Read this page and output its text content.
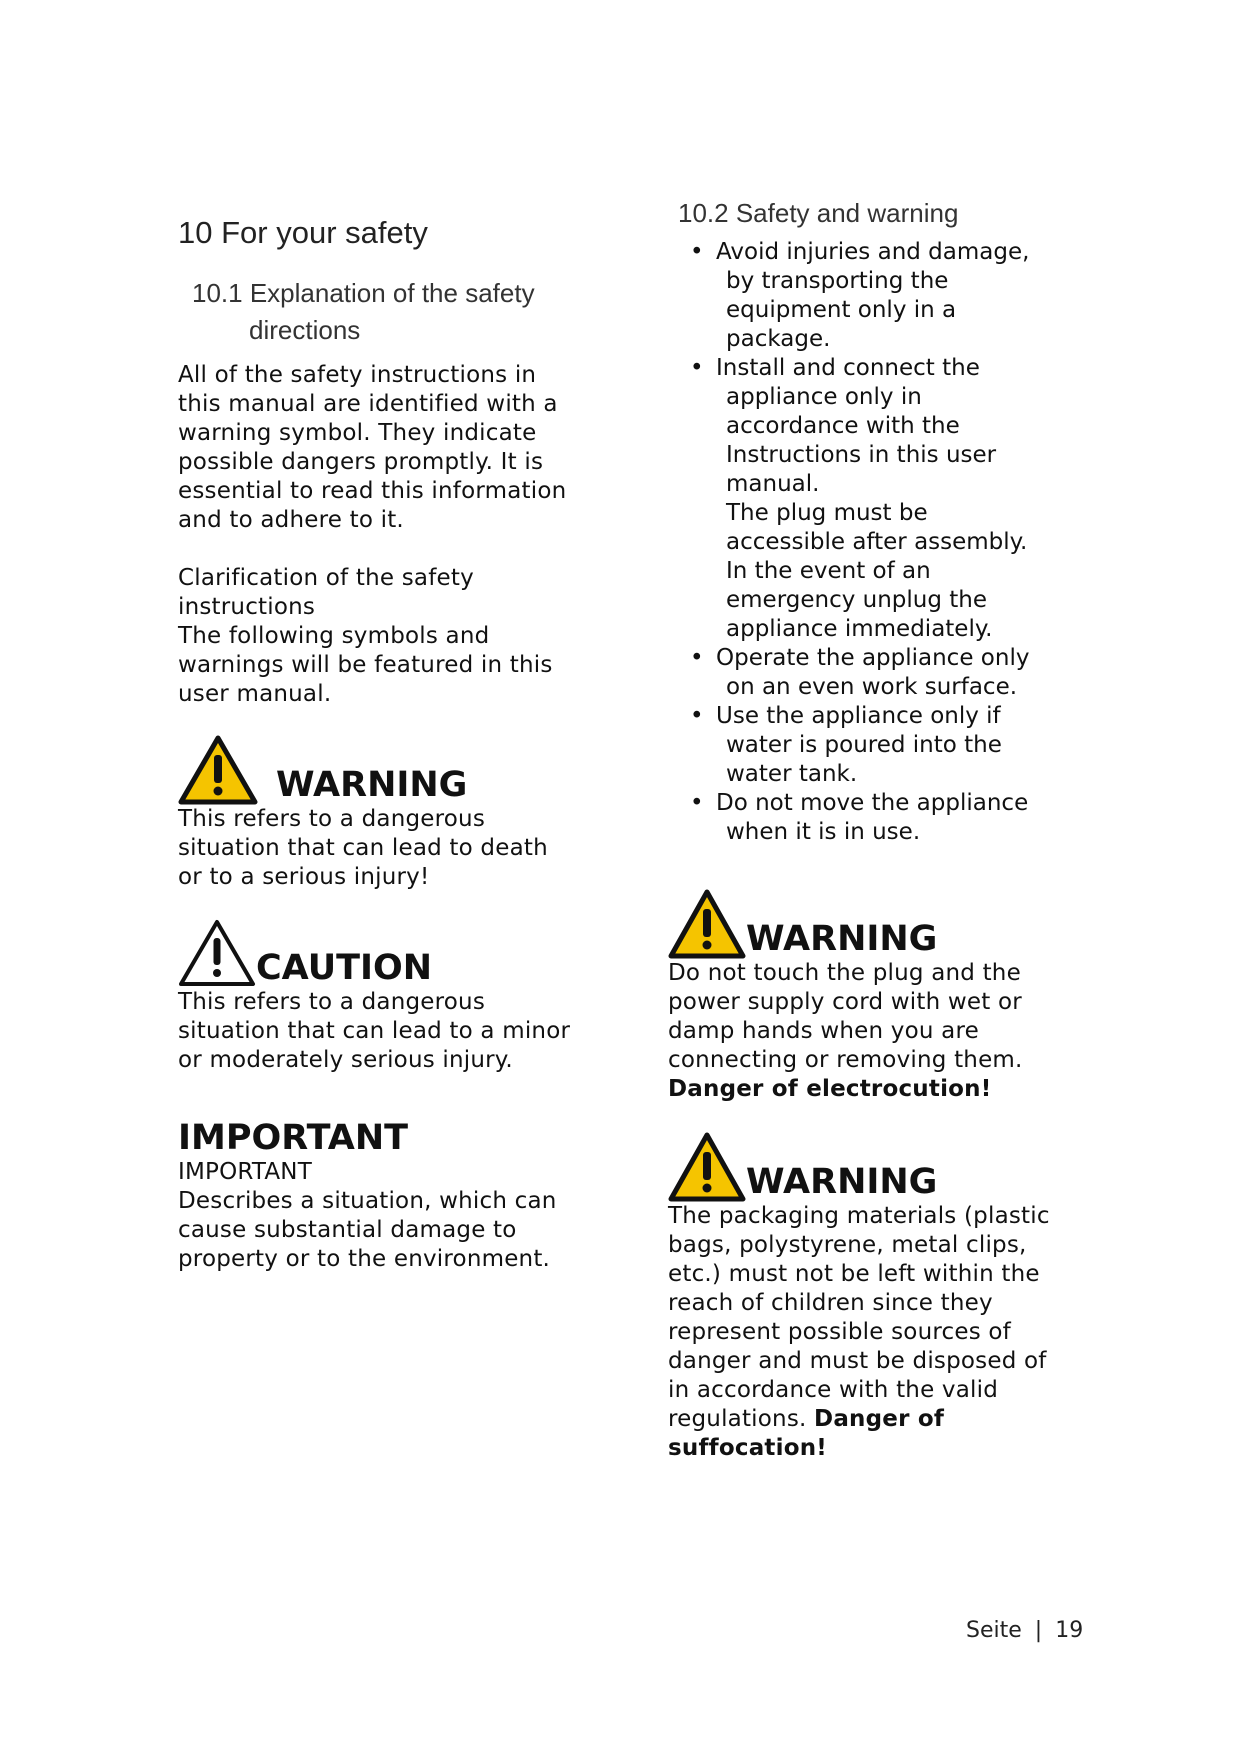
10 For your safety
10.1 Explanation of the safety
directions
All of the safety instructions in
this manual are identified with a
warning symbol. They indicate
possible dangers promptly. It is
essential to read this information
and to adhere to it.
Clarification of the safety
instructions
The following symbols and
warnings will be featured in this
user manual.
WARNING
This refers to a dangerous
situation that can lead to death
or to a serious injury!
CAUTION
This refers to a dangerous
situation that can lead to a minor
or moderately serious injury.
IMPORTANT
IMPORTANT
Describes a situation, which can
cause substantial damage to
property or to the environment.
10.2 Safety and warning
• Avoid injuries and damage,
by transporting the
equipment only in a
package.
• Install and connect the
appliance only in
accordance with the
Instructions in this user
manual.
The plug must be
accessible after assembly.
In the event of an
emergency unplug the
appliance immediately.
• Operate the appliance only
on an even work surface.
• Use the appliance only if
water is poured into the
water tank.
• Do not move the appliance
when it is in use.
WARNING
Do not touch the plug and the
power supply cord with wet or
damp hands when you are
connecting or removing them.
Danger of electrocution!
WARNING
The packaging materials (plastic
bags, polystyrene, metal clips,
etc.) must not be left within the
reach of children since they
represent possible sources of
danger and must be disposed of
in accordance with the valid
regulations. Danger of
suffocation!
Seite | 19
